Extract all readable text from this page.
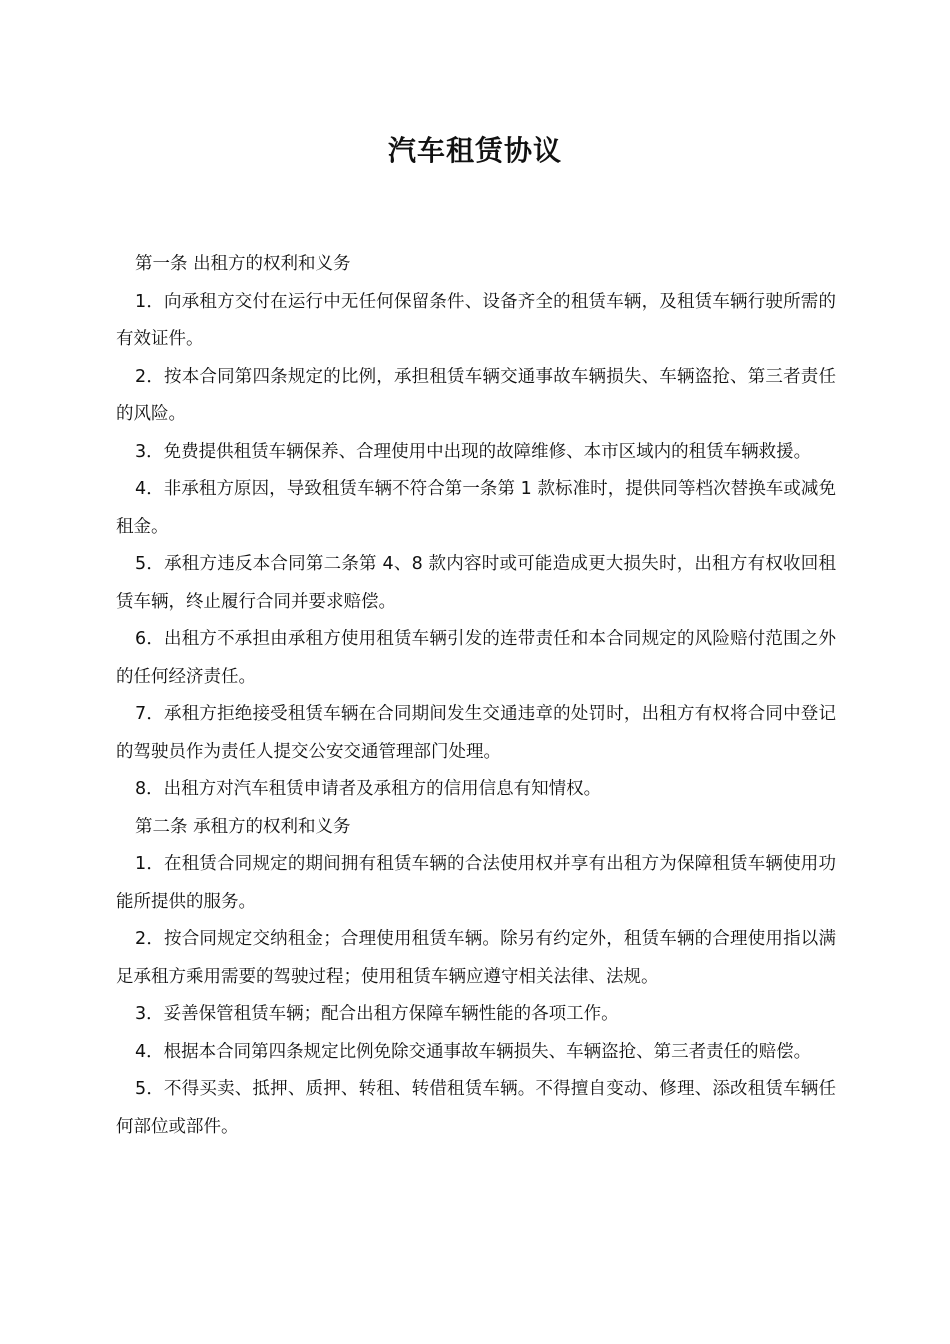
汽车租赁协议

第一条 出租方的权利和义务

1．向承租方交付在运行中无任何保留条件、设备齐全的租赁车辆，及租赁车辆行驶所需的有效证件。

2．按本合同第四条规定的比例，承担租赁车辆交通事故车辆损失、车辆盗抢、第三者责任的风险。

3．免费提供租赁车辆保养、合理使用中出现的故障维修、本市区域内的租赁车辆救援。

4．非承租方原因，导致租赁车辆不符合第一条第 1 款标准时，提供同等档次替换车或减免租金。

5．承租方违反本合同第二条第 4、8 款内容时或可能造成更大损失时，出租方有权收回租赁车辆，终止履行合同并要求赔偿。

6．出租方不承担由承租方使用租赁车辆引发的连带责任和本合同规定的风险赔付范围之外的任何经济责任。

7．承租方拒绝接受租赁车辆在合同期间发生交通违章的处罚时，出租方有权将合同中登记的驾驶员作为责任人提交公安交通管理部门处理。

8．出租方对汽车租赁申请者及承租方的信用信息有知情权。

第二条 承租方的权利和义务

1．在租赁合同规定的期间拥有租赁车辆的合法使用权并享有出租方为保障租赁车辆使用功能所提供的服务。

2．按合同规定交纳租金；合理使用租赁车辆。除另有约定外，租赁车辆的合理使用指以满足承租方乘用需要的驾驶过程；使用租赁车辆应遵守相关法律、法规。

3．妥善保管租赁车辆；配合出租方保障车辆性能的各项工作。

4．根据本合同第四条规定比例免除交通事故车辆损失、车辆盗抢、第三者责任的赔偿。

5．不得买卖、抵押、质押、转租、转借租赁车辆。不得擅自变动、修理、添改租赁车辆任何部位或部件。
